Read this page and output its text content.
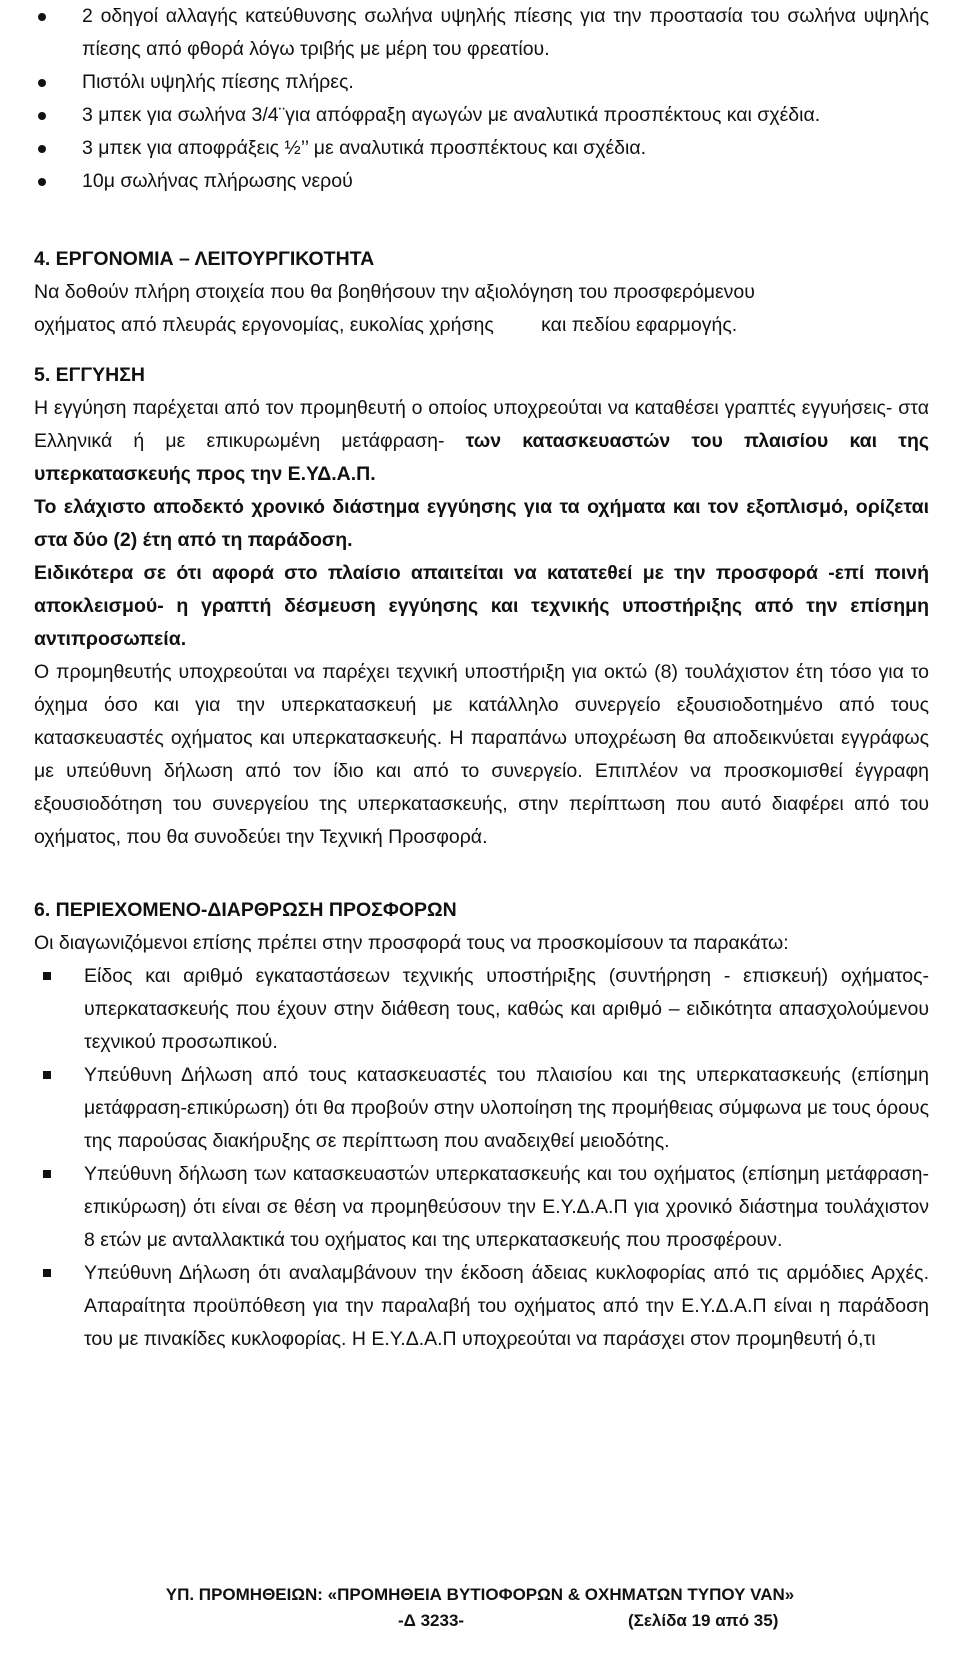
2 οδηγοί αλλαγής κατεύθυνσης σωλήνα υψηλής πίεσης για την προστασία του σωλήνα υψηλής πίεσης από φθορά λόγω τριβής με μέρη του φρεατίου.
Πιστόλι υψηλής πίεσης πλήρες.
3 μπεκ για σωλήνα 3/4¨για απόφραξη αγωγών με αναλυτικά προσπέκτους και σχέδια.
3 μπεκ για αποφράξεις ½’’ με αναλυτικά προσπέκτους και σχέδια.
10μ σωλήνας πλήρωσης νερού

4. ΕΡΓΟΝΟΜΙΑ – ΛΕΙΤΟΥΡΓΙΚΟΤΗΤΑ

Να δοθούν πλήρη στοιχεία που θα βοηθήσουν την αξιολόγηση του προσφερόμενου

οχήματος από πλευράς εργονομίας, ευκολίας χρήσης και πεδίου εφαρμογής.

5. ΕΓΓΥΗΣΗ

Η εγγύηση παρέχεται από τον προμηθευτή ο οποίος υποχρεούται να καταθέσει γραπτές εγγυήσεις- στα Ελληνικά ή με επικυρωμένη μετάφραση- των κατασκευαστών του πλαισίου και της υπερκατασκευής προς την Ε.ΥΔ.Α.Π.

Το ελάχιστο αποδεκτό χρονικό διάστημα εγγύησης για τα οχήματα και τον εξοπλισμό, ορίζεται στα δύο (2) έτη από τη παράδοση.

Ειδικότερα σε ότι αφορά στο πλαίσιο απαιτείται να κατατεθεί με την προσφορά -επί ποινή αποκλεισμού- η γραπτή δέσμευση εγγύησης και τεχνικής υποστήριξης από την επίσημη αντιπροσωπεία.

Ο προμηθευτής υποχρεούται να παρέχει τεχνική υποστήριξη για οκτώ (8) τουλάχιστον έτη τόσο για το όχημα όσο και για την υπερκατασκευή με κατάλληλο συνεργείο εξουσιοδοτημένο από τους κατασκευαστές οχήματος και υπερκατασκευής. Η παραπάνω υποχρέωση θα αποδεικνύεται εγγράφως με υπεύθυνη δήλωση από τον ίδιο και από το συνεργείο. Επιπλέον να προσκομισθεί έγγραφη εξουσιοδότηση του συνεργείου της υπερκατασκευής, στην περίπτωση που αυτό διαφέρει από του οχήματος, που θα συνοδεύει την Τεχνική Προσφορά.

6. ΠΕΡΙΕΧΟΜΕΝΟ-ΔΙΑΡΘΡΩΣΗ ΠΡΟΣΦΟΡΩΝ

Οι διαγωνιζόμενοι επίσης πρέπει στην προσφορά τους να προσκομίσουν τα παρακάτω:

Είδος και αριθμό εγκαταστάσεων τεχνικής υποστήριξης (συντήρηση - επισκευή) οχήματος-υπερκατασκευής που έχουν στην διάθεση τους, καθώς και αριθμό – ειδικότητα απασχολούμενου τεχνικού προσωπικού.
Υπεύθυνη Δήλωση από τους κατασκευαστές του πλαισίου και της υπερκατασκευής (επίσημη μετάφραση-επικύρωση) ότι θα προβούν στην υλοποίηση της προμήθειας σύμφωνα με τους όρους της παρούσας διακήρυξης σε περίπτωση που αναδειχθεί μειοδότης.
Υπεύθυνη δήλωση των κατασκευαστών υπερκατασκευής και του οχήματος (επίσημη μετάφραση-επικύρωση) ότι είναι σε θέση να προμηθεύσουν την Ε.Υ.Δ.Α.Π για χρονικό διάστημα τουλάχιστον 8 ετών με ανταλλακτικά του οχήματος και της υπερκατασκευής που προσφέρουν.
Υπεύθυνη Δήλωση ότι αναλαμβάνουν την έκδοση άδειας κυκλοφορίας από τις αρμόδιες Αρχές. Απαραίτητα προϋπόθεση για την παραλαβή του οχήματος από την Ε.Υ.Δ.Α.Π είναι η παράδοση του με πινακίδες κυκλοφορίας. Η Ε.Υ.Δ.Α.Π υποχρεούται να παράσχει στον προμηθευτή ό,τι
ΥΠ. ΠΡΟΜΗΘΕΙΩΝ: «ΠΡΟΜΗΘΕΙΑ ΒΥΤΙΟΦΟΡΩΝ & ΟΧΗΜΑΤΩΝ ΤΥΠΟΥ VAN»
-Δ 3233-	(Σελίδα 19 από 35)
